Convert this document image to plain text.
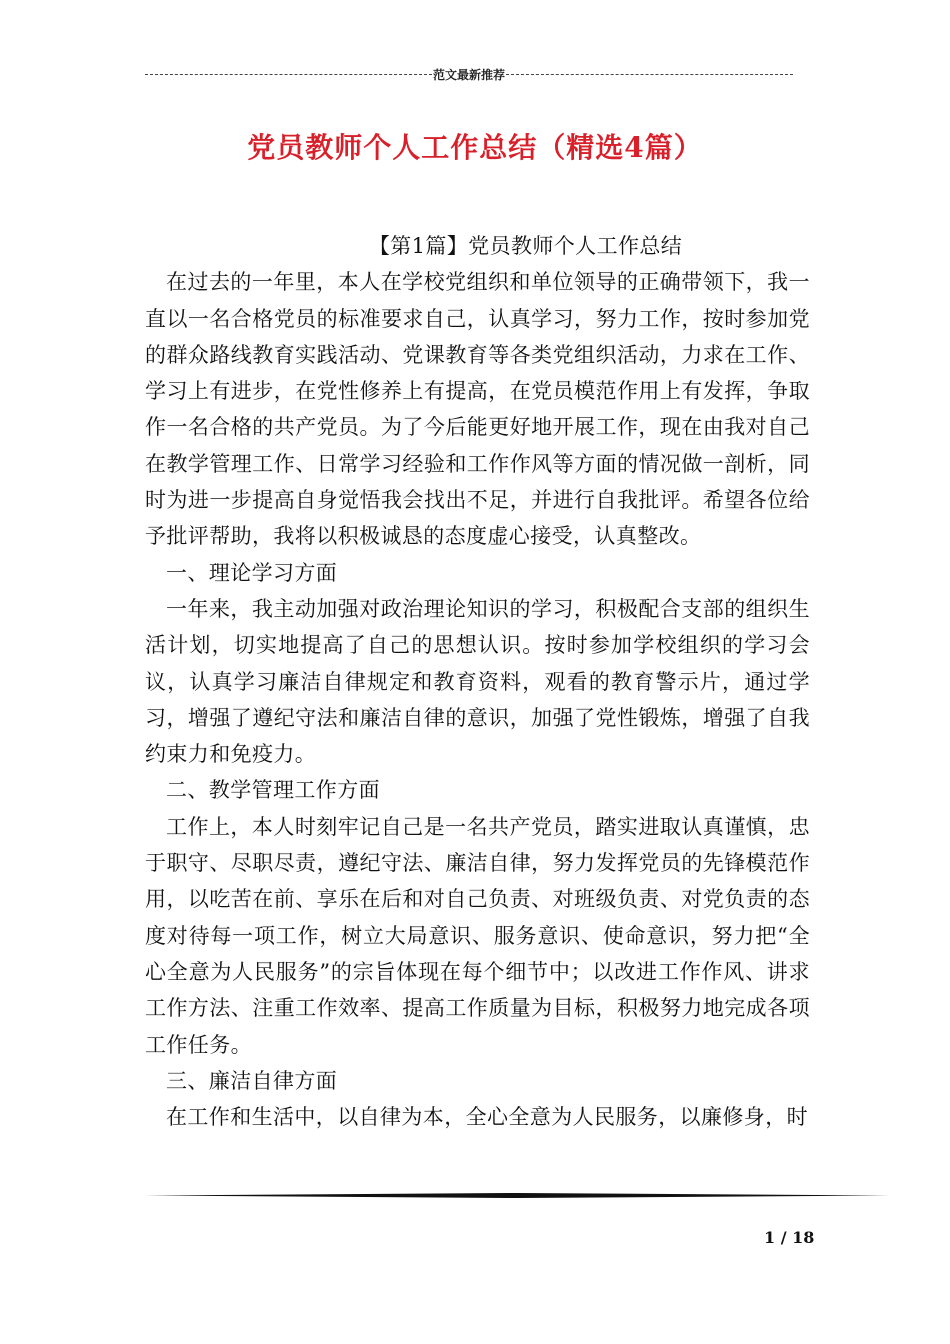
范文最新推荐
党员教师个人工作总结（精选4篇）

【第1篇】党员教师个人工作总结

在过去的一年里，本人在学校党组织和单位领导的正确带领下，我一直以一名合格党员的标准要求自己，认真学习，努力工作，按时参加党的群众路线教育实践活动、党课教育等各类党组织活动，力求在工作、学习上有进步，在党性修养上有提高，在党员模范作用上有发挥，争取作一名合格的共产党员。为了今后能更好地开展工作，现在由我对自己在教学管理工作、日常学习经验和工作作风等方面的情况做一剖析，同时为进一步提高自身觉悟我会找出不足，并进行自我批评。希望各位给予批评帮助，我将以积极诚恳的态度虚心接受，认真整改。

一、理论学习方面

一年来，我主动加强对政治理论知识的学习，积极配合支部的组织生活计划，切实地提高了自己的思想认识。按时参加学校组织的学习会议，认真学习廉洁自律规定和教育资料，观看的教育警示片，通过学习，增强了遵纪守法和廉洁自律的意识，加强了党性锻炼，增强了自我约束力和免疫力。

二、教学管理工作方面

工作上，本人时刻牢记自己是一名共产党员，踏实进取认真谨慎，忠于职守、尽职尽责，遵纪守法、廉洁自律，努力发挥党员的先锋模范作用，以吃苦在前、享乐在后和对自己负责、对班级负责、对党负责的态度对待每一项工作，树立大局意识、服务意识、使命意识，努力把“全心全意为人民服务”的宗旨体现在每个细节中；以改进工作作风、讲求工作方法、注重工作效率、提高工作质量为目标，积极努力地完成各项工作任务。

三、廉洁自律方面

在工作和生活中，以自律为本，全心全意为人民服务，以廉修身，时

1 / 18
